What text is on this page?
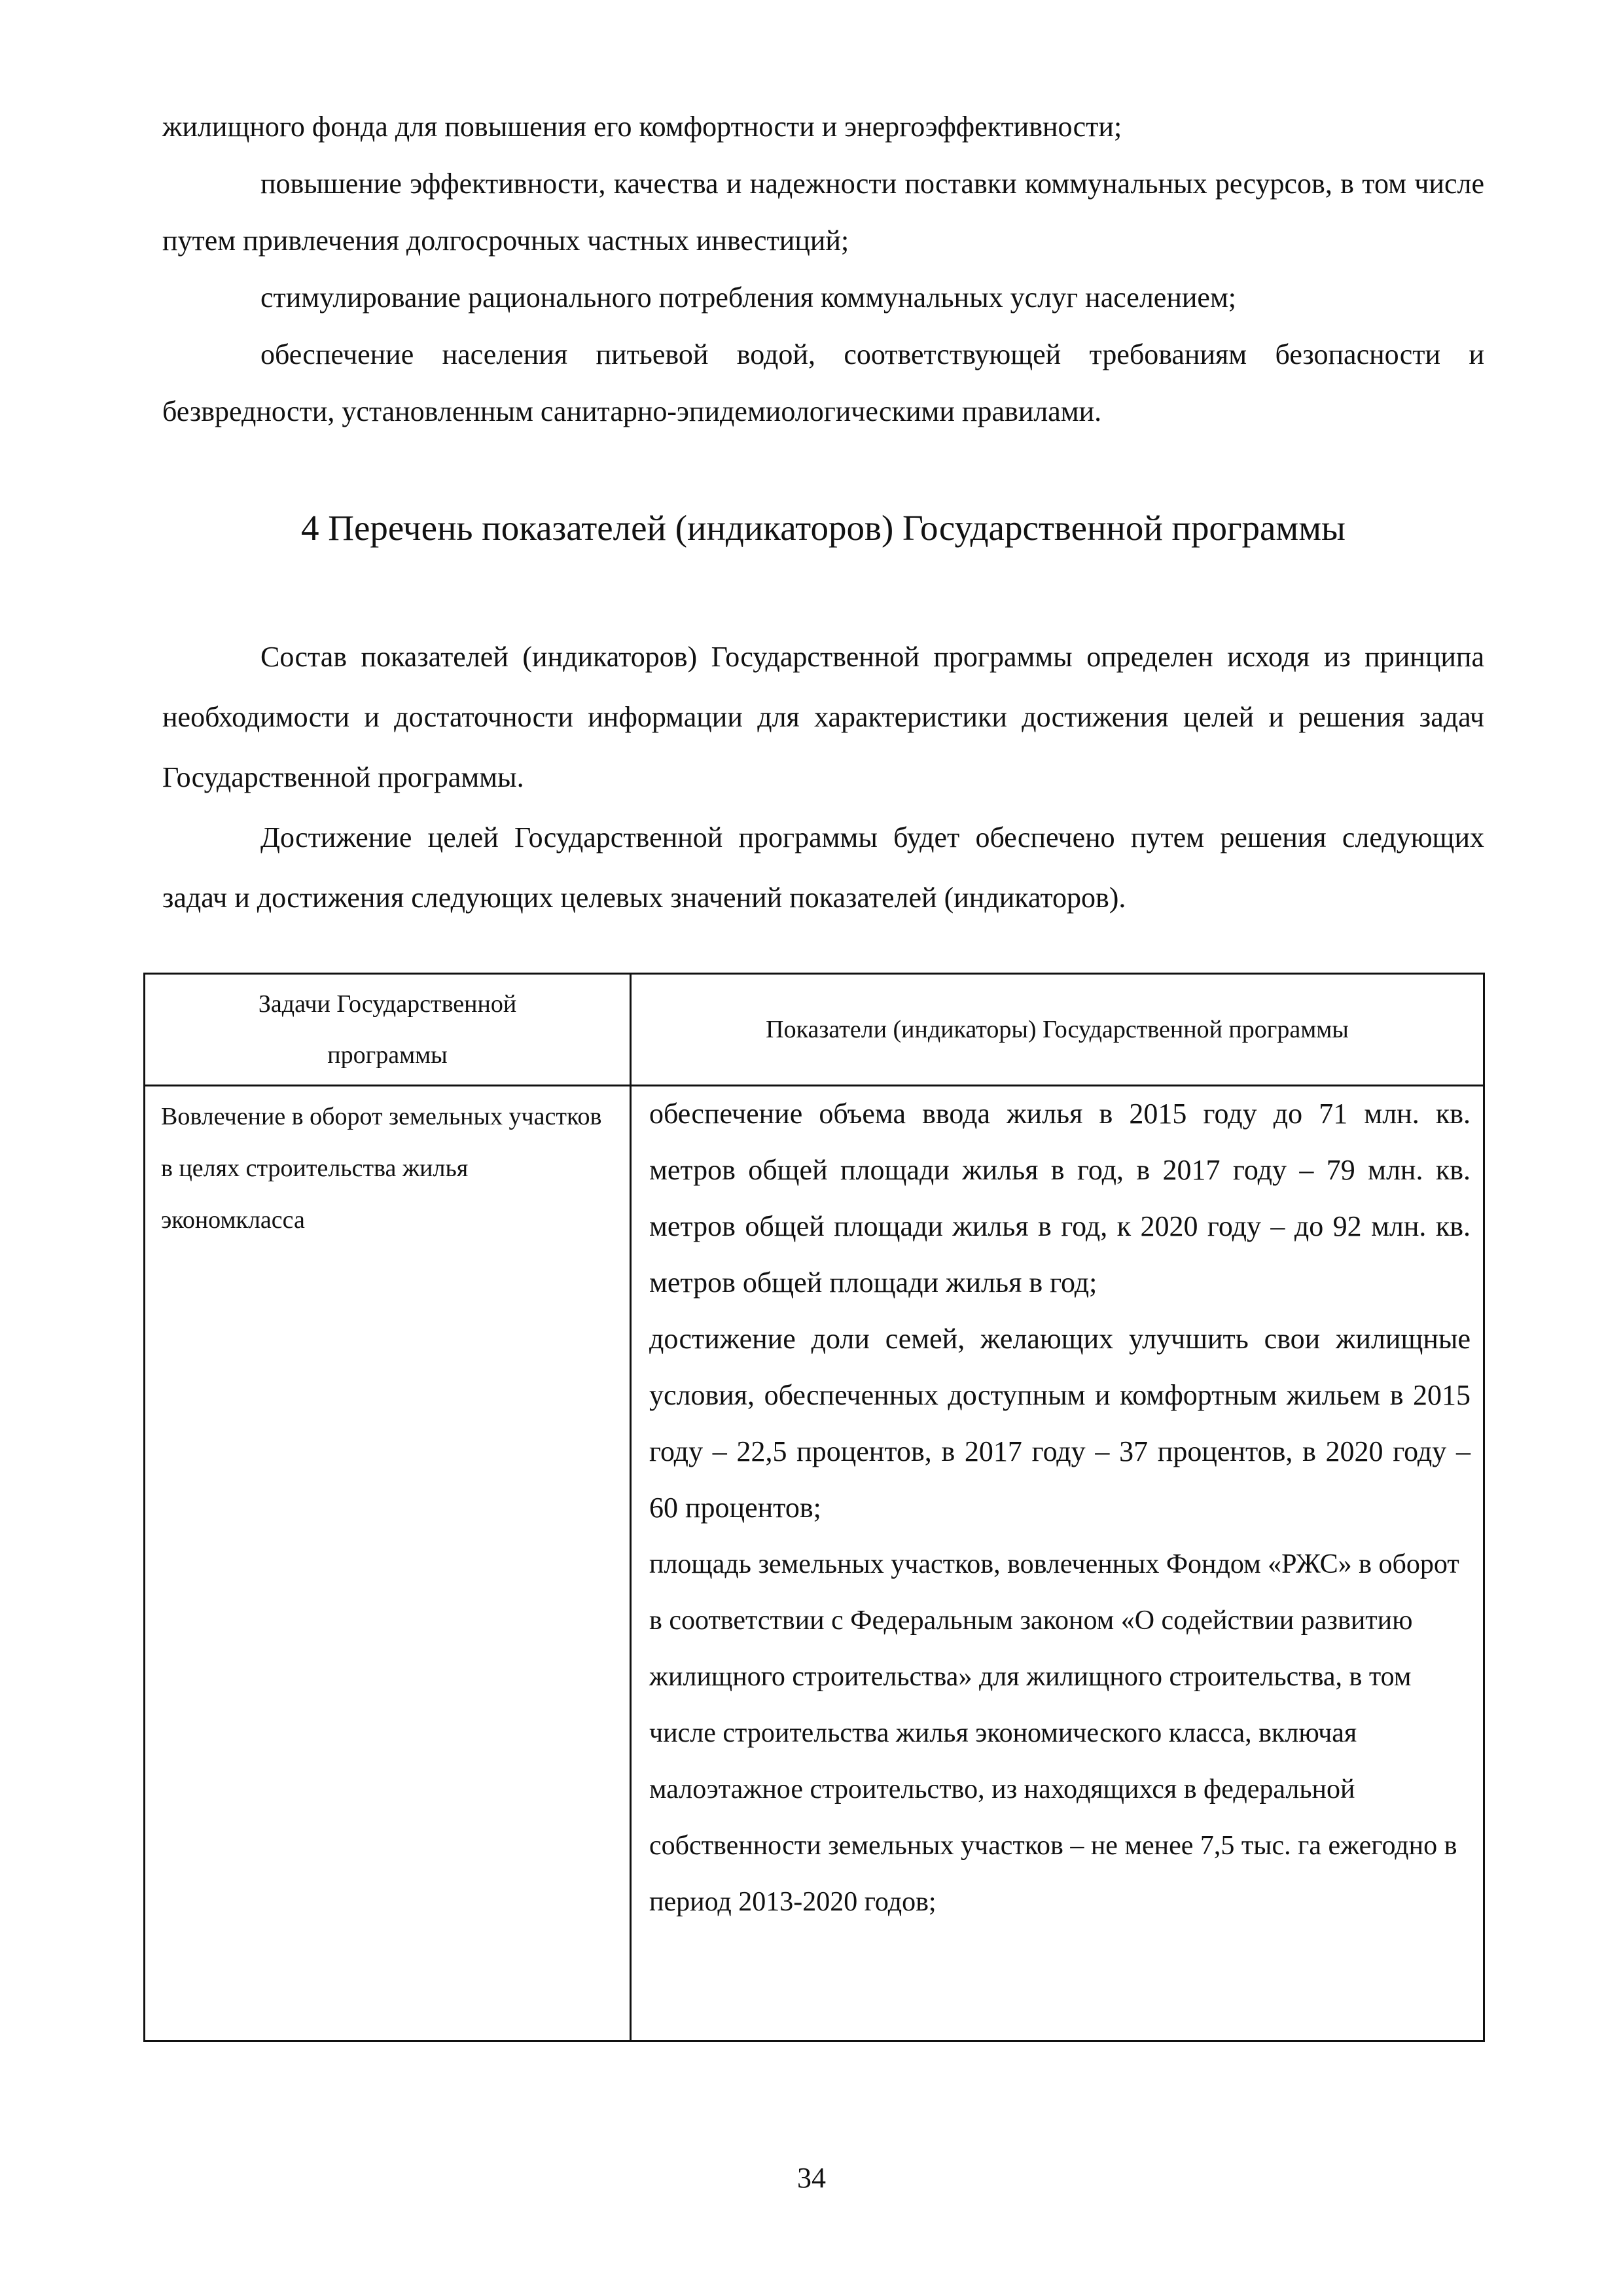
жилищного фонда для повышения его комфортности и энергоэффективности;

повышение эффективности, качества и надежности поставки коммунальных ресурсов, в том числе путем привлечения долгосрочных частных инвестиций;

стимулирование рационального потребления коммунальных услуг населением;

обеспечение населения питьевой водой, соответствующей требованиям безопасности и безвредности, установленным санитарно-эпидемиологическими правилами.

4 Перечень показателей (индикаторов) Государственной программы

Состав показателей (индикаторов) Государственной программы определен исходя из принципа необходимости и достаточности информации для характеристики достижения целей и решения задач Государственной программы.

Достижение целей Государственной программы будет обеспечено путем решения следующих задач и достижения следующих целевых значений показателей (индикаторов).

Задачи Государственной программы
Показатели (индикаторы) Государственной программы
Вовлечение в оборот земельных участков в целях строительства жилья экономкласса

обеспечение объема ввода жилья в 2015 году до 71 млн. кв. метров общей площади жилья в год, в 2017 году – 79 млн. кв. метров общей площади жилья в год, к 2020 году – до 92 млн. кв. метров общей площади жилья в год;

достижение доли семей, желающих улучшить свои жилищные условия, обеспеченных доступным и комфортным жильем в 2015 году – 22,5 процентов, в 2017 году – 37 процентов, в 2020 году – 60 процентов;

площадь земельных участков, вовлеченных Фондом «РЖС» в оборот в соответствии с Федеральным законом «О содействии развитию жилищного строительства» для жилищного строительства, в том числе строительства жилья экономического класса, включая малоэтажное строительство, из находящихся в федеральной собственности земельных участков – не менее 7,5 тыс. га ежегодно в период 2013-2020 годов;

34
